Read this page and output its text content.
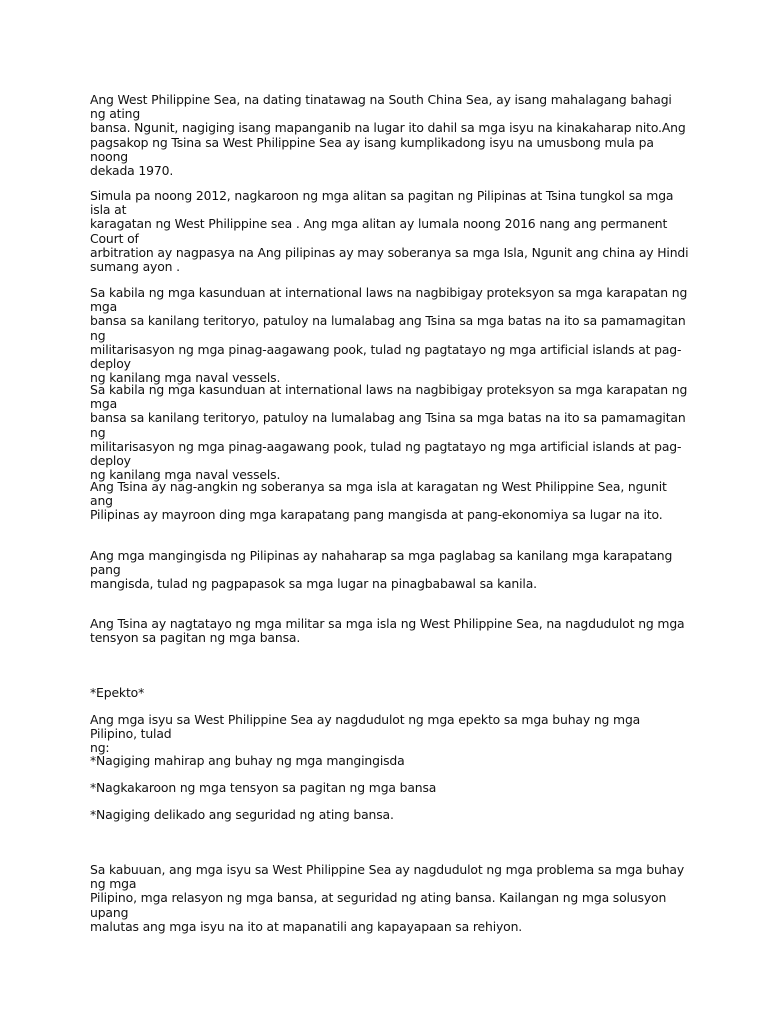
Ang West Philippine Sea, na dating tinatawag na South China Sea, ay isang mahalagang bahagi ng ating
bansa. Ngunit, nagiging isang mapanganib na lugar ito dahil sa mga isyu na kinakaharap nito.Ang
pagsakop ng Tsina sa West Philippine Sea ay isang kumplikadong isyu na umusbong mula pa noong
dekada 1970.

Simula pa noong 2012, nagkaroon ng mga alitan sa pagitan ng Pilipinas at Tsina tungkol sa mga isla at
karagatan ng West Philippine sea . Ang mga alitan ay lumala noong 2016 nang ang permanent Court of
arbitration ay nagpasya na Ang pilipinas ay may soberanya sa mga Isla, Ngunit ang china ay Hindi
sumang ayon .

Sa kabila ng mga kasunduan at international laws na nagbibigay proteksyon sa mga karapatan ng mga
bansa sa kanilang teritoryo, patuloy na lumalabag ang Tsina sa mga batas na ito sa pamamagitan ng
militarisasyon ng mga pinag-aagawang pook, tulad ng pagtatayo ng mga artificial islands at pag-deploy
ng kanilang mga naval vessels.

Sa kabila ng mga kasunduan at international laws na nagbibigay proteksyon sa mga karapatan ng mga
bansa sa kanilang teritoryo, patuloy na lumalabag ang Tsina sa mga batas na ito sa pamamagitan ng
militarisasyon ng mga pinag-aagawang pook, tulad ng pagtatayo ng mga artificial islands at pag-deploy
ng kanilang mga naval vessels.

Ang Tsina ay nag-angkin ng soberanya sa mga isla at karagatan ng West Philippine Sea, ngunit ang
Pilipinas ay mayroon ding mga karapatang pang mangisda at pang-ekonomiya sa lugar na ito.

Ang mga mangingisda ng Pilipinas ay nahaharap sa mga paglabag sa kanilang mga karapatang pang
mangisda, tulad ng pagpapasok sa mga lugar na pinagbabawal sa kanila.

Ang Tsina ay nagtatayo ng mga militar sa mga isla ng West Philippine Sea, na nagdudulot ng mga
tensyon sa pagitan ng mga bansa.

*Epekto*

Ang mga isyu sa West Philippine Sea ay nagdudulot ng mga epekto sa mga buhay ng mga Pilipino, tulad
ng:

*Nagiging mahirap ang buhay ng mga mangingisda

*Nagkakaroon ng mga tensyon sa pagitan ng mga bansa

*Nagiging delikado ang seguridad ng ating bansa.

Sa kabuuan, ang mga isyu sa West Philippine Sea ay nagdudulot ng mga problema sa mga buhay ng mga
Pilipino, mga relasyon ng mga bansa, at seguridad ng ating bansa. Kailangan ng mga solusyon upang
malutas ang mga isyu na ito at mapanatili ang kapayapaan sa rehiyon.
